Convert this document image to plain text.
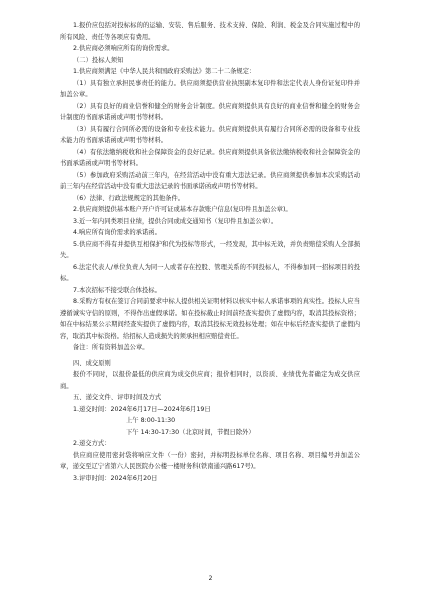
1.报价应包括对投标标的的运输、安装、售后服务、技术支持、保险、利润、税金及合同实施过程中的所有风险、责任等各项应有费用。

2.供应商必须响应所有的询价需求。

（二）投标人须知

1.供应商须满足《中华人民共和国政府采购法》第二十二条规定：

（1）具有独立承担民事责任的能力。供应商须提供营业执照副本复印件和法定代表人身份证复印件并加盖公章。

（2）具有良好的商业信誉和健全的财务会计制度。供应商须提供具有良好的商业信誉和健全的财务会计制度的书面承诺函或声明书等材料。

（3）具有履行合同所必需的设备和专业技术能力。供应商须提供具有履行合同所必需的设备和专业技术能力的书面承诺函或声明书等材料。

（4）有依法缴纳税收和社会保障资金的良好记录。供应商须提供具备依法缴纳税收和社会保障资金的书面承诺函或声明书等材料。

（5）参加政府采购活动前三年内，在经营活动中没有重大违法记录。供应商须提供参加本次采购活动前三年内在经营活动中没有重大违法记录的书面承诺函或声明书等材料。

（6）法律、行政法规规定的其他条件。

2.供应商须提供基本账户开户许可证或基本存款账户信息(复印件且加盖公章)。

3.近一年内同类项目业绩，提供合同或成交通知书（复印件且加盖公章）。

4.响应所有询价需求的承诺函。

5.供应商不得有并提供互相保护和代为投标等形式，一经发现，其中标无效，并负责赔偿采购人全部损失。

6.法定代表人/单位负责人为同一人或者存在控股、管理关系的不同投标人，不得参加同一招标项目的投标。

7.本次招标不接受联合体投标。

8.采购方有权在签订合同前要求中标人提供相关证明材料以核实中标人承诺事项的真实性。投标人应当遵循诚实守信的原则，不得作出虚假承诺。如在投标截止时间前经查实提供了虚假内容，取消其投标资格；如在中标结果公示期间经查实提供了虚假内容，取消其投标无效投标处理；如在中标后经查实提供了虚假内容，取消其中标资格。给招标人造成损失的须承担相应赔偿责任。

备注：所有资料加盖公章。

四、成交原则

报价不同时，以报价最低的供应商为成交供应商；报价相同时，以资质、业绩优先者确定为成交供应商。

五、递交文件、评审时间及方式

1.递交时间：2024年6月17日—2024年6月19日

上午 8:00-11:30

下午 14:30-17:30（北京时间，节假日除外）

2.递交方式：

供应商应使用密封袋将响应文件（一份）密封，并标明投标单位名称、项目名称、项目编号并加盖公章，递交至辽宁省第六人民医院办公楼一楼财务科(铁南通兴路617号)。

3.评审时间：2024年6月20日

2
